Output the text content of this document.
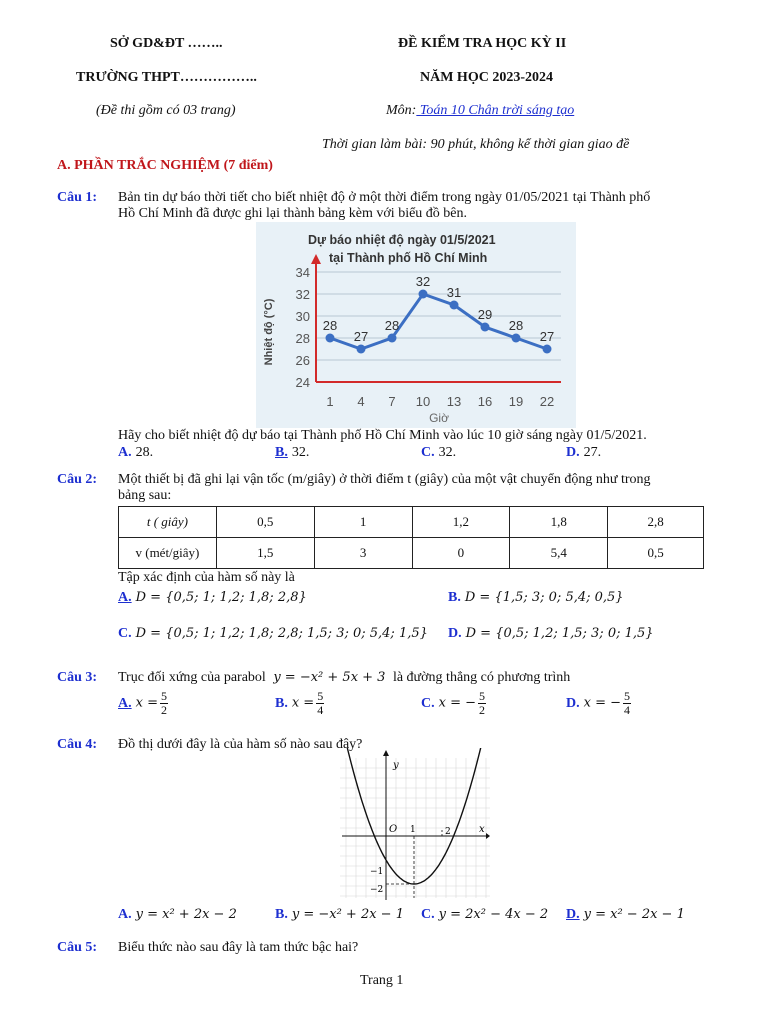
SỞ GD&ĐT ……..
TRƯỜNG THPT……………..
(Đề thi gồm có 03 trang)
ĐỀ KIỂM TRA HỌC KỲ II
NĂM HỌC 2023-2024
Môn: Toán 10 Chân trời sáng tạo
Thời gian làm bài: 90 phút, không kể thời gian giao đề
A. PHẦN TRẮC NGHIỆM (7 điểm)
Câu 1: Bản tin dự báo thời tiết cho biết nhiệt độ ở một thời điểm trong ngày 01/05/2021 tại Thành phố
Hồ Chí Minh đã được ghi lại thành bảng kèm với biểu đồ bên.
Dự báo nhiệt độ ngày 01/5/2021
tại Thành phố Hồ Chí Minh
Nhiệt độ (°C)
Giờ
24
26
28
30
32
34
1 4 7 10 13 16 19 22
28
27
28
32
31
29
28
27
Hãy cho biết nhiệt độ dự báo tại Thành phố Hồ Chí Minh vào lúc 10 giờ sáng ngày 01/5/2021.
A. 28.	B. 32.	C. 32.	D. 27.
Câu 2: Một thiết bị đã ghi lại vận tốc (m/giây) ở thời điểm t (giây) của một vật chuyển động như trong
bảng sau:
t ( giây)	0,5	1	1,2	1,8	2,8
v (mét/giây)	1,5	3	0	5,4	0,5
Tập xác định của hàm số này là
A. D = {0,5; 1; 1,2; 1,8; 2,8}	B. D = {1,5; 3; 0; 5,4; 0,5}
C. D = {0,5; 1; 1,2; 1,8; 2,8; 1,5; 3; 0; 5,4; 1,5} D. D = {0,5; 1,2; 1,5; 3; 0; 1,5}
Câu 3: Trục đối xứng của parabol y = −x² + 5x + 3 là đường thẳng có phương trình
A. $x = \frac{5}{2}$	B. $x = \frac{5}{4}$	C. x = − $\frac{5}{2}$	D. x = − $\frac{5}{4}$
Câu 4: Đồ thị dưới đây là của hàm số nào sau đây?
y
x
O 1	2
−1
−2
A. y = x² + 2x − 2	B. y = −x² + 2x − 1 C. y = 2x² − 4x − 2 D. y = x² − 2x − 1
Câu 5: Biểu thức nào sau đây là tam thức bậc hai?
Trang 1
